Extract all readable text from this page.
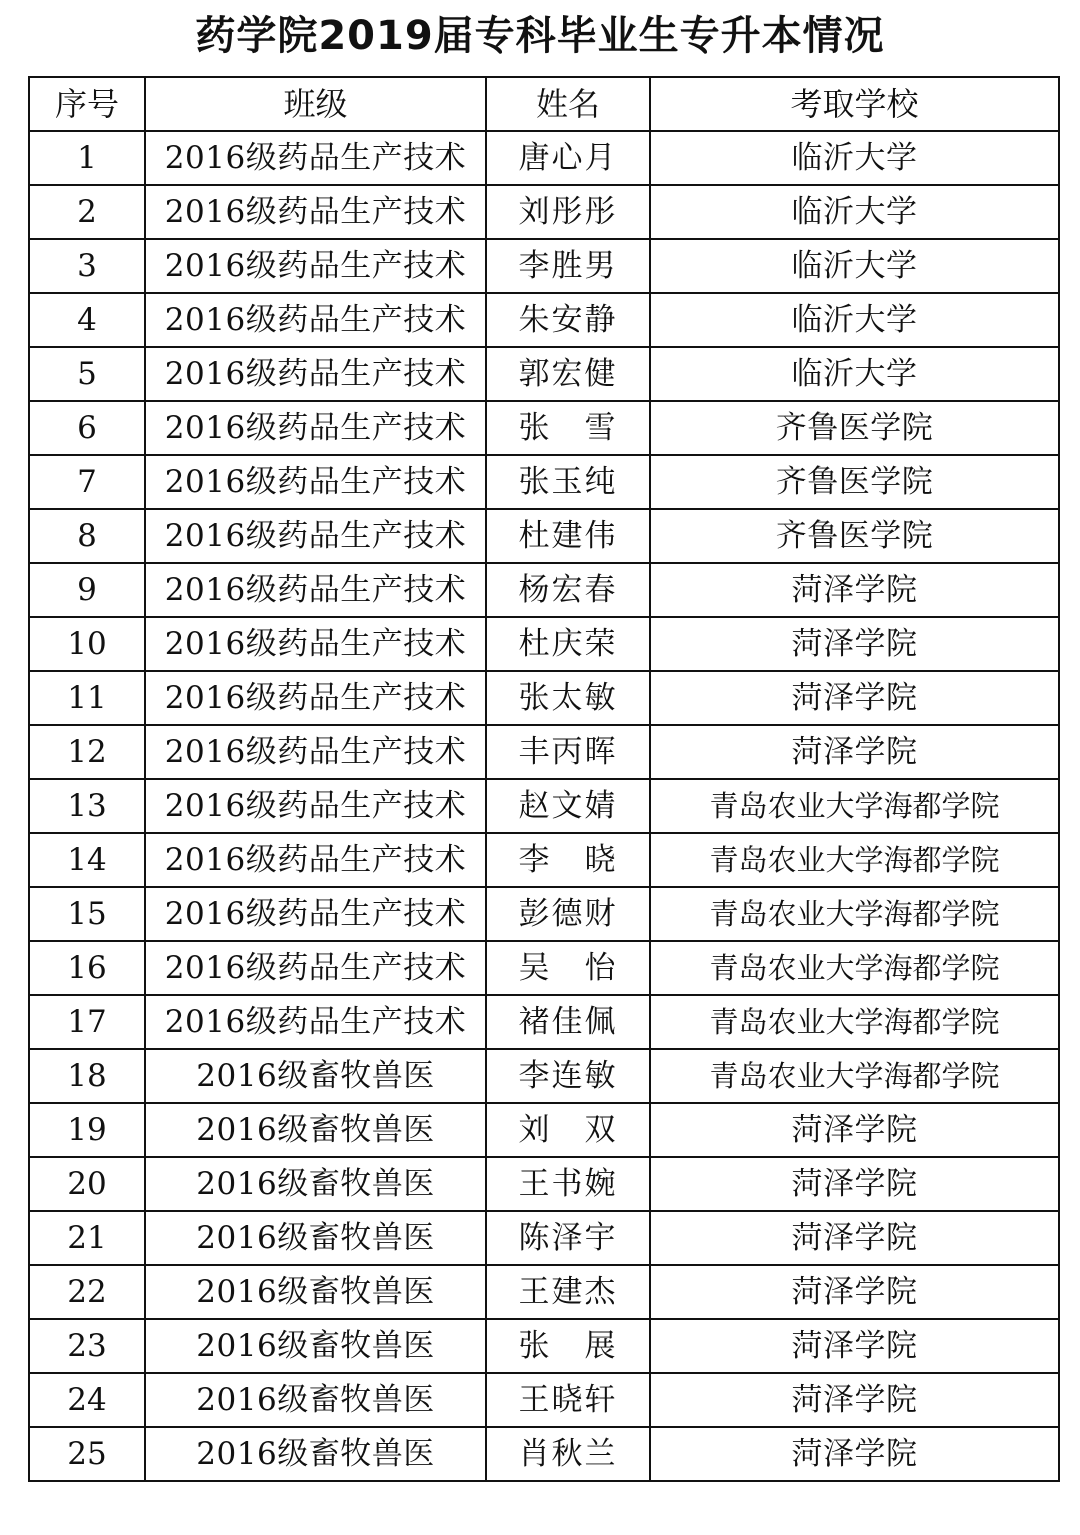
药学院2019届专科毕业生专升本情况
序号	班级	姓名	考取学校
1	2016级药品生产技术	唐心月	临沂大学
2	2016级药品生产技术	刘彤彤	临沂大学
3	2016级药品生产技术	李胜男	临沂大学
4	2016级药品生产技术	朱安静	临沂大学
5	2016级药品生产技术	郭宏健	临沂大学
6	2016级药品生产技术	张　雪	齐鲁医学院
7	2016级药品生产技术	张玉纯	齐鲁医学院
8	2016级药品生产技术	杜建伟	齐鲁医学院
9	2016级药品生产技术	杨宏春	菏泽学院
10	2016级药品生产技术	杜庆荣	菏泽学院
11	2016级药品生产技术	张太敏	菏泽学院
12	2016级药品生产技术	丰丙晖	菏泽学院
13	2016级药品生产技术	赵文婧	青岛农业大学海都学院
14	2016级药品生产技术	李　晓	青岛农业大学海都学院
15	2016级药品生产技术	彭德财	青岛农业大学海都学院
16	2016级药品生产技术	吴　怡	青岛农业大学海都学院
17	2016级药品生产技术	褚佳佩	青岛农业大学海都学院
18	2016级畜牧兽医	李连敏	青岛农业大学海都学院
19	2016级畜牧兽医	刘　双	菏泽学院
20	2016级畜牧兽医	王书婉	菏泽学院
21	2016级畜牧兽医	陈泽宇	菏泽学院
22	2016级畜牧兽医	王建杰	菏泽学院
23	2016级畜牧兽医	张　展	菏泽学院
24	2016级畜牧兽医	王晓轩	菏泽学院
25	2016级畜牧兽医	肖秋兰	菏泽学院
